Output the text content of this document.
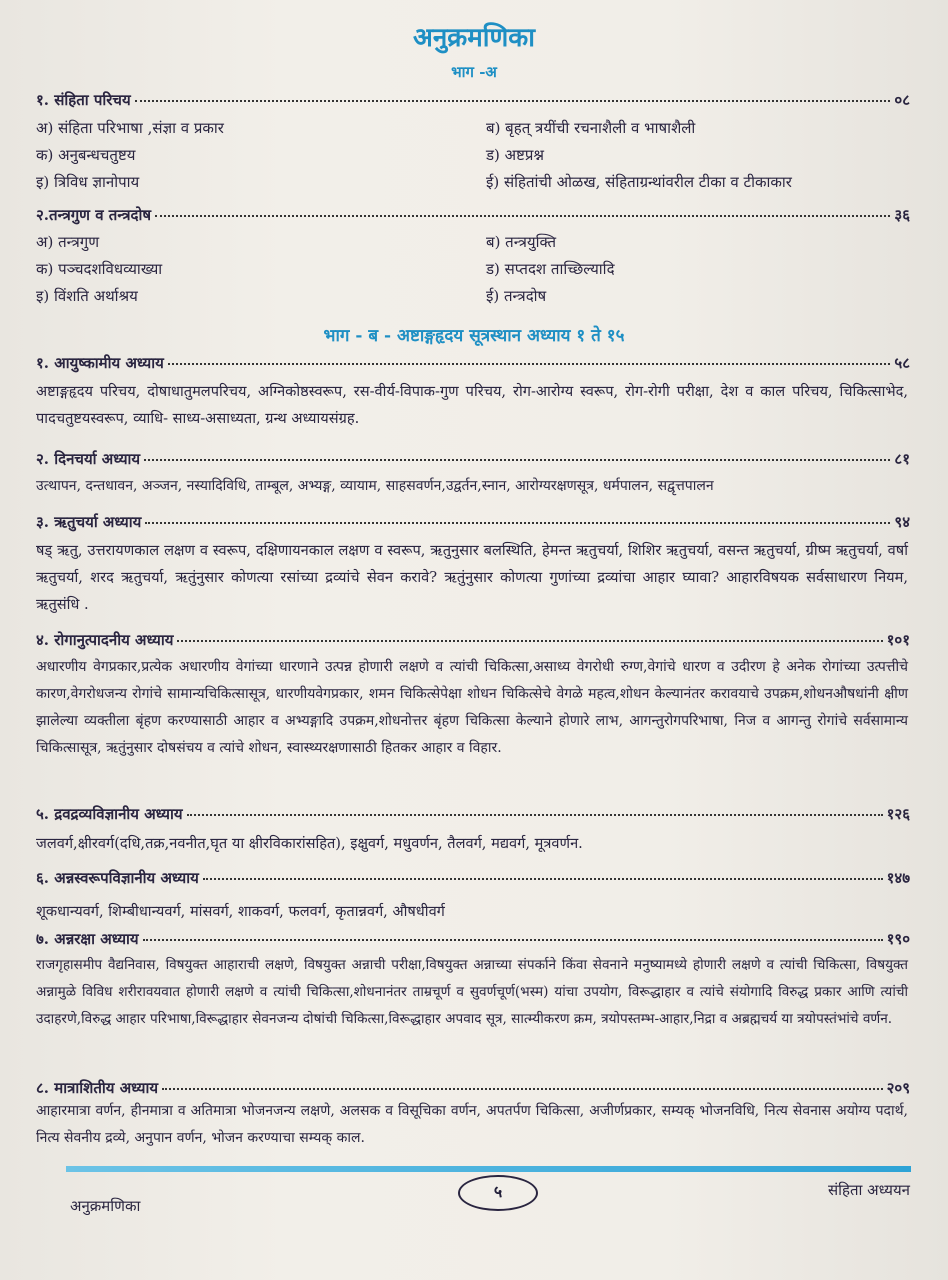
अनुक्रमणिका
भाग -अ
१. संहिता परिचय	०८
अ) संहिता परिभाषा ,संज्ञा व प्रकार	ब) बृहत् त्रयींची रचनाशैली व भाषाशैली
क) अनुबन्धचतुष्टय	ड) अष्टप्रश्न
इ) त्रिविध ज्ञानोपाय	ई) संहितांची ओळख, संहिताग्रन्थांवरील टीका व टीकाकार
२.तन्त्रगुण व तन्त्रदोष	३६
अ) तन्त्रगुण	ब) तन्त्रयुक्ति
क) पञ्चदशविधव्याख्या	ड) सप्तदश ताच्छिल्यादि
इ) विंशति अर्थाश्रय	ई) तन्त्रदोष
भाग - ब - अष्टाङ्गहृदय सूत्रस्थान अध्याय १ ते १५
१. आयुष्कामीय अध्याय	५८
अष्टाङ्गहृदय परिचय, दोषाधातुमलपरिचय, अग्निकोष्ठस्वरूप, रस-वीर्य-विपाक-गुण परिचय, रोग-आरोग्य स्वरूप, रोग-रोगी परीक्षा, देश व काल परिचय, चिकित्साभेद, पादचतुष्टयस्वरूप, व्याधि- साध्य-असाध्यता, ग्रन्थ अध्यायसंग्रह.
२. दिनचर्या अध्याय	८१
उत्थापन, दन्तधावन, अञ्जन, नस्यादिविधि, ताम्बूल, अभ्यङ्ग, व्यायाम, साहसवर्णन,उद्वर्तन,स्नान, आरोग्यरक्षणसूत्र, धर्मपालन, सद्वृत्तपालन
३. ऋतुचर्या अध्याय	९४
षड् ऋतु, उत्तरायणकाल लक्षण व स्वरूप, दक्षिणायनकाल लक्षण व स्वरूप, ऋतुनुसार बलस्थिति, हेमन्त ऋतुचर्या, शिशिर ऋतुचर्या, वसन्त ऋतुचर्या, ग्रीष्म ऋतुचर्या, वर्षा ऋतुचर्या, शरद ऋतुचर्या, ऋतुंनुसार कोणत्या रसांच्या द्रव्यांचे सेवन करावे? ऋतुंनुसार कोणत्या गुणांच्या द्रव्यांचा आहार घ्यावा? आहारविषयक सर्वसाधारण नियम, ऋतुसंधि .
४. रोगानुत्पादनीय अध्याय	१०१
अधारणीय वेगप्रकार,प्रत्येक अधारणीय वेगांच्या धारणाने उत्पन्न होणारी लक्षणे व त्यांची चिकित्सा,असाध्य वेगरोधी रुग्ण,वेगांचे धारण व उदीरण हे अनेक रोगांच्या उत्पत्तीचे कारण,वेगरोधजन्य रोगांचे सामान्यचिकित्सासूत्र, धारणीयवेगप्रकार, शमन चिकित्सेपेक्षा शोधन चिकित्सेचे वेगळे महत्व,शोधन केल्यानंतर करावयाचे उपक्रम,शोधनऔषधांनी क्षीण झालेल्या व्यक्तीला बृंहण करण्यासाठी आहार व अभ्यङ्गादि उपक्रम,शोधनोत्तर बृंहण चिकित्सा केल्याने होणारे लाभ, आगन्तुरोगपरिभाषा, निज व आगन्तु रोगांचे सर्वसामान्य चिकित्सासूत्र, ऋतुंनुसार दोषसंचय व त्यांचे शोधन, स्वास्थ्यरक्षणासाठी हितकर आहार व विहार.
५. द्रवद्रव्यविज्ञानीय अध्याय	१२६
जलवर्ग,क्षीरवर्ग(दधि,तक्र,नवनीत,घृत या क्षीरविकारांसहित), इक्षुवर्ग, मधुवर्णन, तैलवर्ग, मद्यवर्ग, मूत्रवर्णन.
६. अन्नस्वरूपविज्ञानीय अध्याय	१४७
शूकधान्यवर्ग, शिम्बीधान्यवर्ग, मांसवर्ग, शाकवर्ग, फलवर्ग, कृतान्नवर्ग, औषधीवर्ग
७. अन्नरक्षा अध्याय	१९०
राजगृहासमीप वैद्यनिवास, विषयुक्त आहाराची लक्षणे, विषयुक्त अन्नाची परीक्षा,विषयुक्त अन्नाच्या संपर्काने किंवा सेवनाने मनुष्यामध्ये होणारी लक्षणे व त्यांची चिकित्सा, विषयुक्त अन्नामुळे विविध शरीरावयवात होणारी लक्षणे व त्यांची चिकित्सा,शोधनानंतर ताम्रचूर्ण व सुवर्णचूर्ण(भस्म) यांचा उपयोग, विरूद्धाहार व त्यांचे संयोगादि विरुद्ध प्रकार आणि त्यांची उदाहरणे,विरुद्ध आहार परिभाषा,विरूद्धाहार सेवनजन्य दोषांची चिकित्सा,विरूद्धाहार अपवाद सूत्र, सात्म्यीकरण क्रम, त्रयोपस्तम्भ-आहार,निद्रा व अब्रह्मचर्य या त्रयोपस्तंभांचे वर्णन.
८. मात्राशितीय अध्याय	२०९
आहारमात्रा वर्णन, हीनमात्रा व अतिमात्रा भोजनजन्य लक्षणे, अलसक व विसूचिका वर्णन, अपतर्पण चिकित्सा, अजीर्णप्रकार, सम्यक् भोजनविधि, नित्य सेवनास अयोग्य पदार्थ, नित्य सेवनीय द्रव्ये, अनुपान वर्णन, भोजन करण्याचा सम्यक् काल.
५
अनुक्रमणिका
संहिता अध्ययन
